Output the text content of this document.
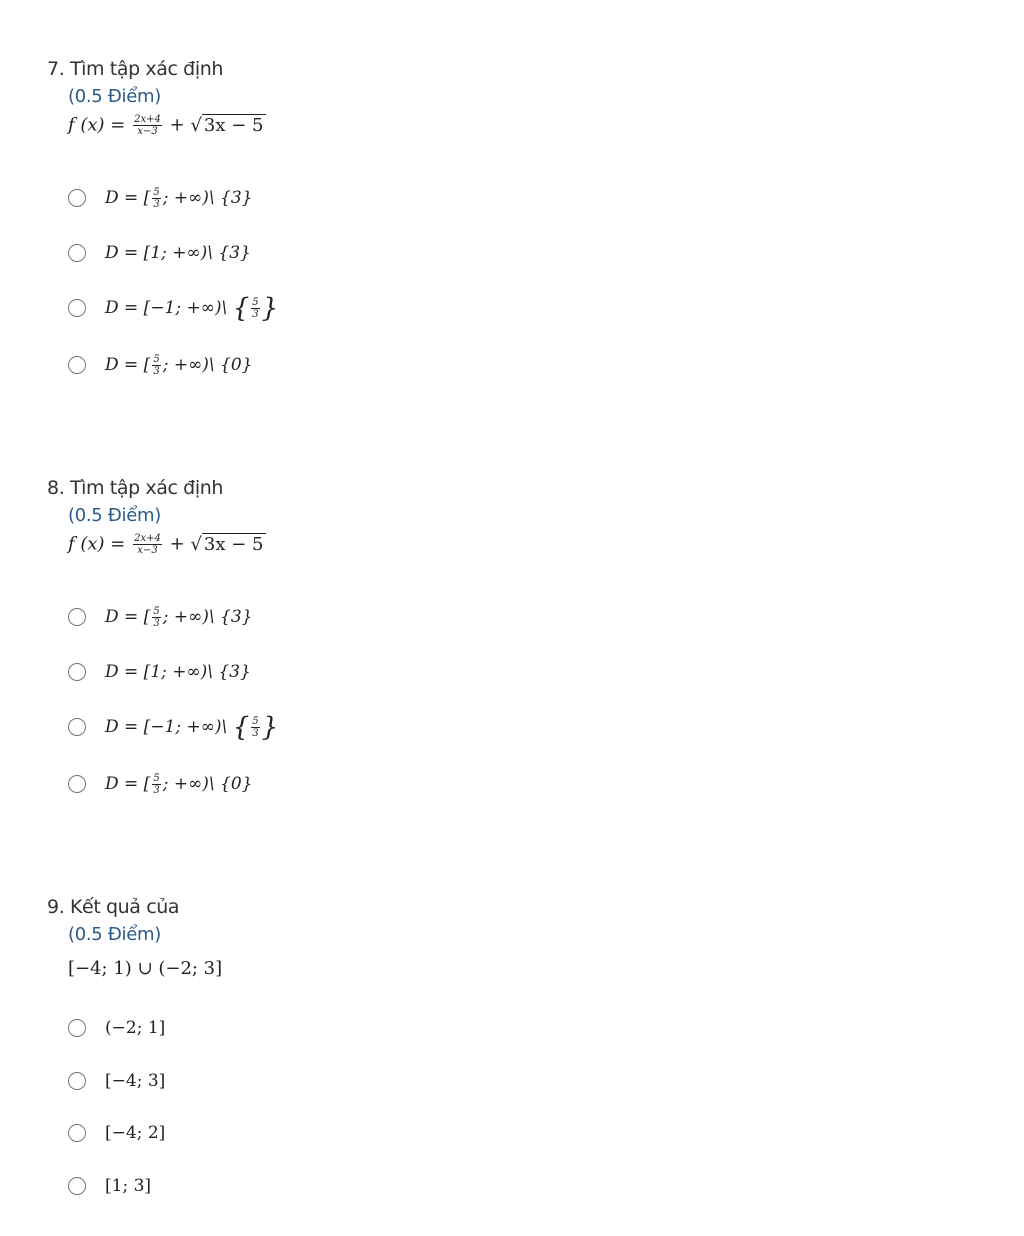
7. Tìm tập xác định
(0.5 Điểm)
f $(x) = \frac{2x+4}{x-3}$ + √ 3x − 5
D = [ $\frac{5}{3}$ ; +∞)\ {3}
D = [1; +∞)\ {3}
D = [−1; +∞)\ { $\frac{5}{3}$ }
D = [ $\frac{5}{3}$ ; +∞)\ {0}
8. Tìm tập xác định
(0.5 Điểm)
f $(x) = \frac{2x+4}{x-3}$ + √ 3x − 5
D = [ $\frac{5}{3}$ ; +∞)\ {3}
D = [1; +∞)\ {3}
D = [−1; +∞)\ { $\frac{5}{3}$ }
D = [ $\frac{5}{3}$ ; +∞)\ {0}
9. Kết quả của
(0.5 Điểm)
[−4; 1) ∪ (−2; 3]
(−2; 1]
[−4; 3]
[−4; 2]
[1; 3]
